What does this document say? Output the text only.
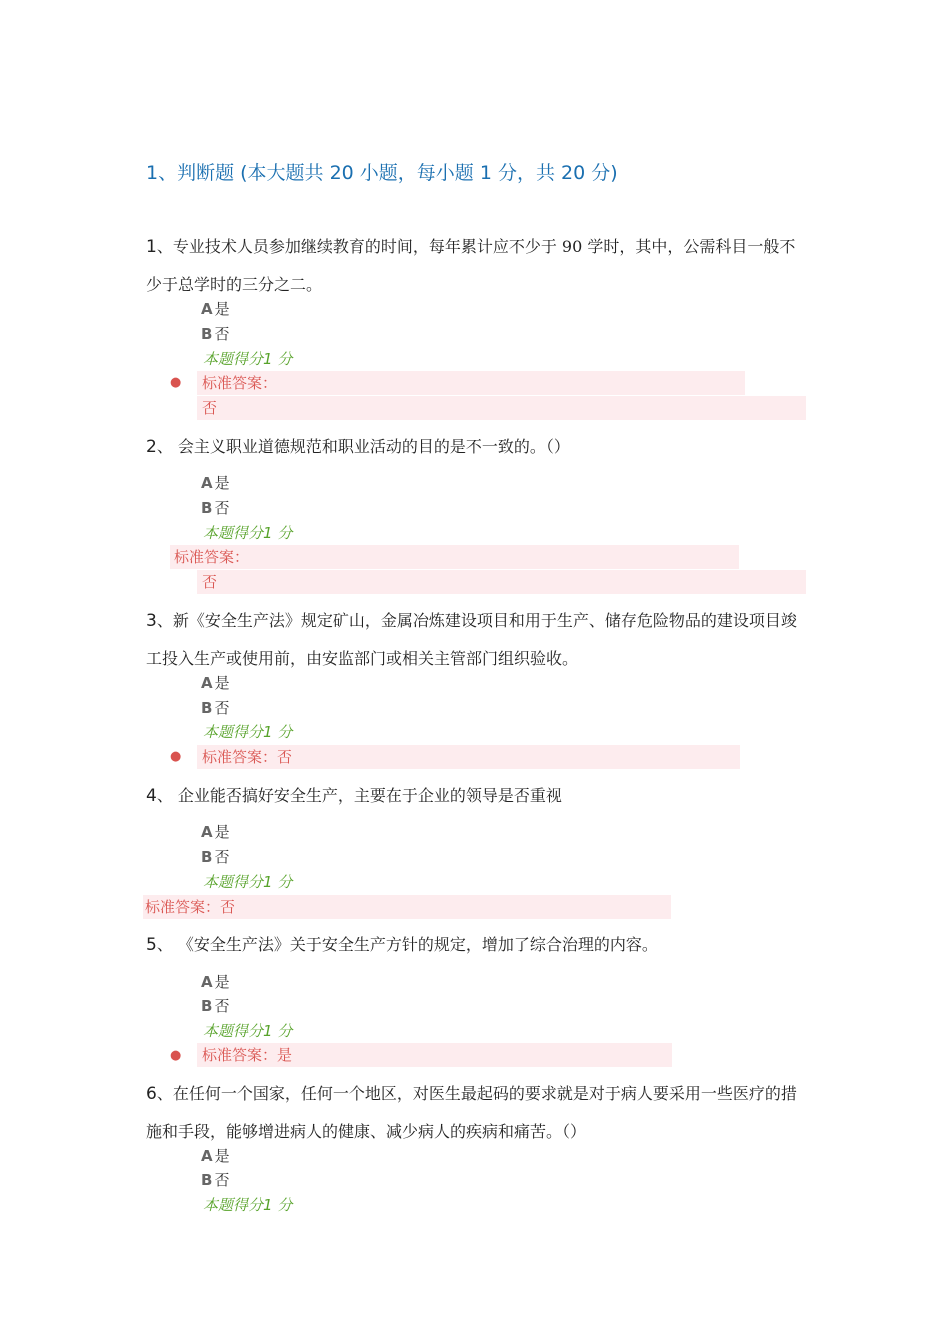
1、判断题 (本大题共 20 小题，每小题 1 分，共 20 分)
1、专业技术人员参加继续教育的时间，每年累计应不少于 90 学时，其中，公需科目一般不少于总学时的三分之二。
A 是
B 否
本题得分1 分
●	标准答案：
否
2、 会主义职业道德规范和职业活动的目的是不一致的。（）
A 是
B 否
本题得分1 分
标准答案：
否
3、新《安全生产法》规定矿山，金属冶炼建设项目和用于生产、储存危险物品的建设项目竣工投入生产或使用前，由安监部门或相关主管部门组织验收。
A 是
B 否
本题得分1 分
●	标准答案：否
4、 企业能否搞好安全生产，主要在于企业的领导是否重视
A 是
B 否
本题得分1 分
标准答案：否
5、 《安全生产法》关于安全生产方针的规定，增加了综合治理的内容。
A 是
B 否
本题得分1 分
●	标准答案：是
6、在任何一个国家，任何一个地区，对医生最起码的要求就是对于病人要采用一些医疗的措施和手段，能够增进病人的健康、减少病人的疾病和痛苦。（）
A 是
B 否
本题得分1 分
